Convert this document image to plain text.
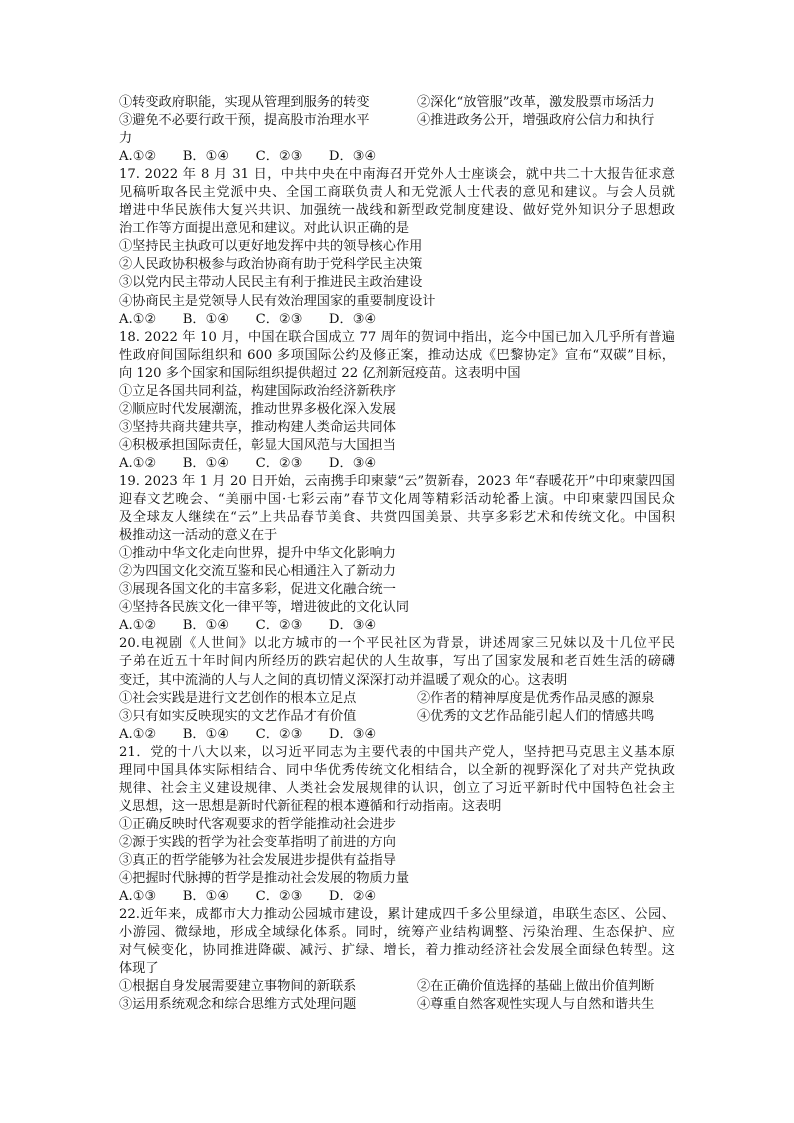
①转变政府职能，实现从管理到服务的转变	②深化“放管服”改革，激发股票市场活力
③避免不必要行政干预，提高股市治理水平	④推进政务公开，增强政府公信力和执行
力
A.①②　　B．①④　　C．②③　　D．③④
17. 2022 年 8 月 31 日，中共中央在中南海召开党外人士座谈会，就中共二十大报告征求意
见稿听取各民主党派中央、全国工商联负责人和无党派人士代表的意见和建议。与会人员就
增进中华民族伟大复兴共识、加强统一战线和新型政党制度建设、做好党外知识分子思想政
治工作等方面提出意见和建议。对此认识正确的是
①坚持民主执政可以更好地发挥中共的领导核心作用
②人民政协积极参与政治协商有助于党科学民主决策
③以党内民主带动人民民主有利于推进民主政治建设
④协商民主是党领导人民有效治理国家的重要制度设计
A.①②　　B．①④　　C．②③　　D．③④
18. 2022 年 10 月，中国在联合国成立 77 周年的贺词中指出，迄今中国已加入几乎所有普遍
性政府间国际组织和 600 多项国际公约及修正案，推动达成《巴黎协定》宣布“双碳”目标，
向 120 多个国家和国际组织提供超过 22 亿剂新冠疫苗。这表明中国
①立足各国共同利益，构建国际政治经济新秩序
②顺应时代发展潮流，推动世界多极化深入发展
③坚持共商共建共享，推动构建人类命运共同体
④积极承担国际责任，彰显大国风范与大国担当
A.①②　　B．①④　　C．②③　　D．③④
19. 2023 年 1 月 20 日开始，云南携手印柬蒙“云”贺新春，2023 年“春暖花开”中印柬蒙四国
迎春文艺晚会、“美丽中国·七彩云南”春节文化周等精彩活动轮番上演。中印柬蒙四国民众
及全球友人继续在“云”上共品春节美食、共赏四国美景、共享多彩艺术和传统文化。中国积
极推动这一活动的意义在于
①推动中华文化走向世界，提升中华文化影响力
②为四国文化交流互鉴和民心相通注入了新动力
③展现各国文化的丰富多彩，促进文化融合统一
④坚持各民族文化一律平等，增进彼此的文化认同
A.①②　　B．①④　　C．②③　　D．③④
20.电视剧《人世间》以北方城市的一个平民社区为背景，讲述周家三兄妹以及十几位平民
子弟在近五十年时间内所经历的跌宕起伏的人生故事，写出了国家发展和老百姓生活的磅礴
变迁，其中流淌的人与人之间的真切情义深深打动并温暖了观众的心。这表明
①社会实践是进行文艺创作的根本立足点	②作者的精神厚度是优秀作品灵感的源泉
③只有如实反映现实的文艺作品才有价值	④优秀的文艺作品能引起人们的情感共鸣
A.①②　　B．①④　　C．②③　　D．③④
21．党的十八大以来，以习近平同志为主要代表的中国共产党人，坚持把马克思主义基本原
理同中国具体实际相结合、同中华优秀传统文化相结合，以全新的视野深化了对共产党执政
规律、社会主义建设规律、人类社会发展规律的认识，创立了习近平新时代中国特色社会主
义思想，这一思想是新时代新征程的根本遵循和行动指南。这表明
①正确反映时代客观要求的哲学能推动社会进步
②源于实践的哲学为社会变革指明了前进的方向
③真正的哲学能够为社会发展进步提供有益指导
④把握时代脉搏的哲学是推动社会发展的物质力量
A.①③　　B．①④　　C．②③　　D．②④
22.近年来，成都市大力推动公园城市建设，累计建成四千多公里绿道，串联生态区、公园、
小游园、微绿地，形成全域绿化体系。同时，统筹产业结构调整、污染治理、生态保护、应
对气候变化，协同推进降碳、减污、扩绿、增长，着力推动经济社会发展全面绿色转型。这
体现了
①根据自身发展需要建立事物间的新联系	②在正确价值选择的基础上做出价值判断
③运用系统观念和综合思维方式处理问题	④尊重自然客观性实现人与自然和谐共生
